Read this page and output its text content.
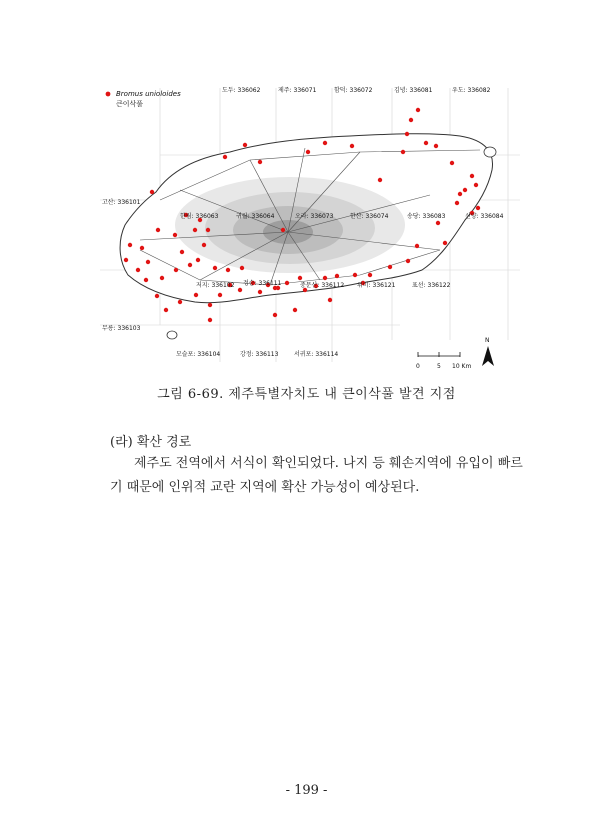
Bromus unioloides
큰이삭풀
도두: 336062	제주: 336071	함덕: 336072	김녕: 336081	우도: 336082
고산: 336101
무릉: 336103
한림: 336063	귀월: 336064	오라: 336073	한산: 336074	송당: 336083	신양: 336084
저지: 336102 정승: 336111	중문산: 336112 위미: 336121	표선: 336122
모슬포: 336104	강정: 336113	서귀포: 336114
0	5 10 Km
N
그림 6-69. 제주특별자치도 내 큰이삭풀 발견 지점
(라) 확산 경로
제주도 전역에서 서식이 확인되었다. 나지 등 훼손지역에 유입이 빠르
기 때문에 인위적 교란 지역에 확산 가능성이 예상된다.
- 199 -
